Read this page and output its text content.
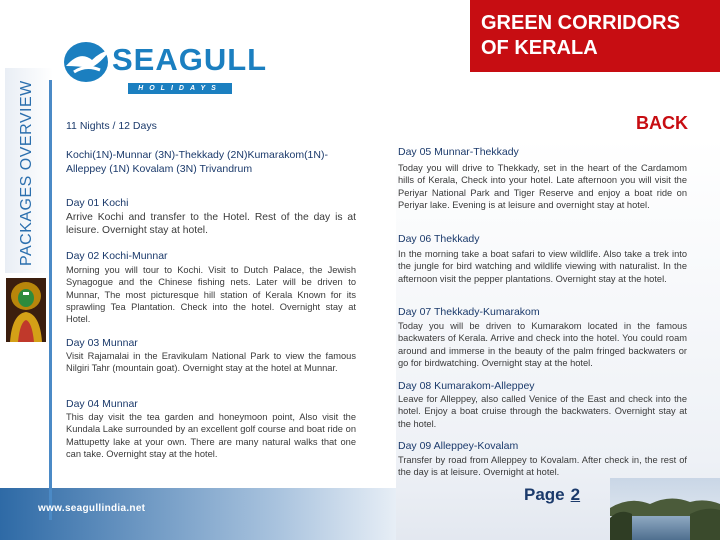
GREEN CORRIDORS
OF KERALA
SEAGULL
HOLIDAYS
PACKAGES OVERVIEW	BACK
11 Nights / 12 Days
Kochi(1N)-Munnar (3N)-Thekkady (2N)Kumarakom(1N)- Alleppey (1N) Kovalam (3N) Trivandrum
Day 01 Kochi
Arrive Kochi and transfer to the Hotel. Rest of the day is at leisure. Overnight stay at hotel.
Day 02 Kochi-Munnar
Morning you will tour to Kochi. Visit to Dutch Palace, the Jewish Synagogue and the Chinese fishing nets. Later will be driven to Munnar, The most picturesque hill station of Kerala Known for its sprawling Tea Plantation. Check into the hotel. Overnight stay at Hotel.
Day 03 Munnar
Visit Rajamalai in the Eravikulam National Park to view the famous Nilgiri Tahr (mountain goat). Overnight stay at the hotel at Munnar.
Day 04 Munnar
This day visit the tea garden and honeymoon point, Also visit the Kundala Lake surrounded by an excellent golf course and boat ride on Mattupetty lake at your own. There are many natural walks that one can take. Overnight stay at the hotel.
Day 05 Munnar-Thekkady
Today you will drive to Thekkady, set in the heart of the Cardamom hills of Kerala, Check into your hotel. Late afternoon you will visit the Periyar National Park and Tiger Reserve and enjoy a boat ride on Periyar lake. Evening is at leisure and overnight stay at hotel.
Day 06 Thekkady
In the morning take a boat safari to view wildlife. Also take a trek into the jungle for bird watching and wildlife viewing with naturalist. In the afternoon visit the pepper plantations. Overnight stay at the hotel.
Day 07 Thekkady-Kumarakom
Today you will be driven to Kumarakom located in the famous backwaters of Kerala. Arrive and check into the hotel. You could roam around and immerse in the beauty of the palm fringed backwaters or go for birdwatching. Overnight stay at the hotel.
Day 08 Kumarakom-Alleppey
Leave for Alleppey, also called Venice of the East and check into the hotel. Enjoy a boat cruise through the backwaters. Overnight stay at the hotel.
Day 09 Alleppey-Kovalam
Transfer by road from Alleppey to Kovalam. After check in, the rest of the day is at leisure. Overnight at hotel.
www.seagullindia.net
Page 2
